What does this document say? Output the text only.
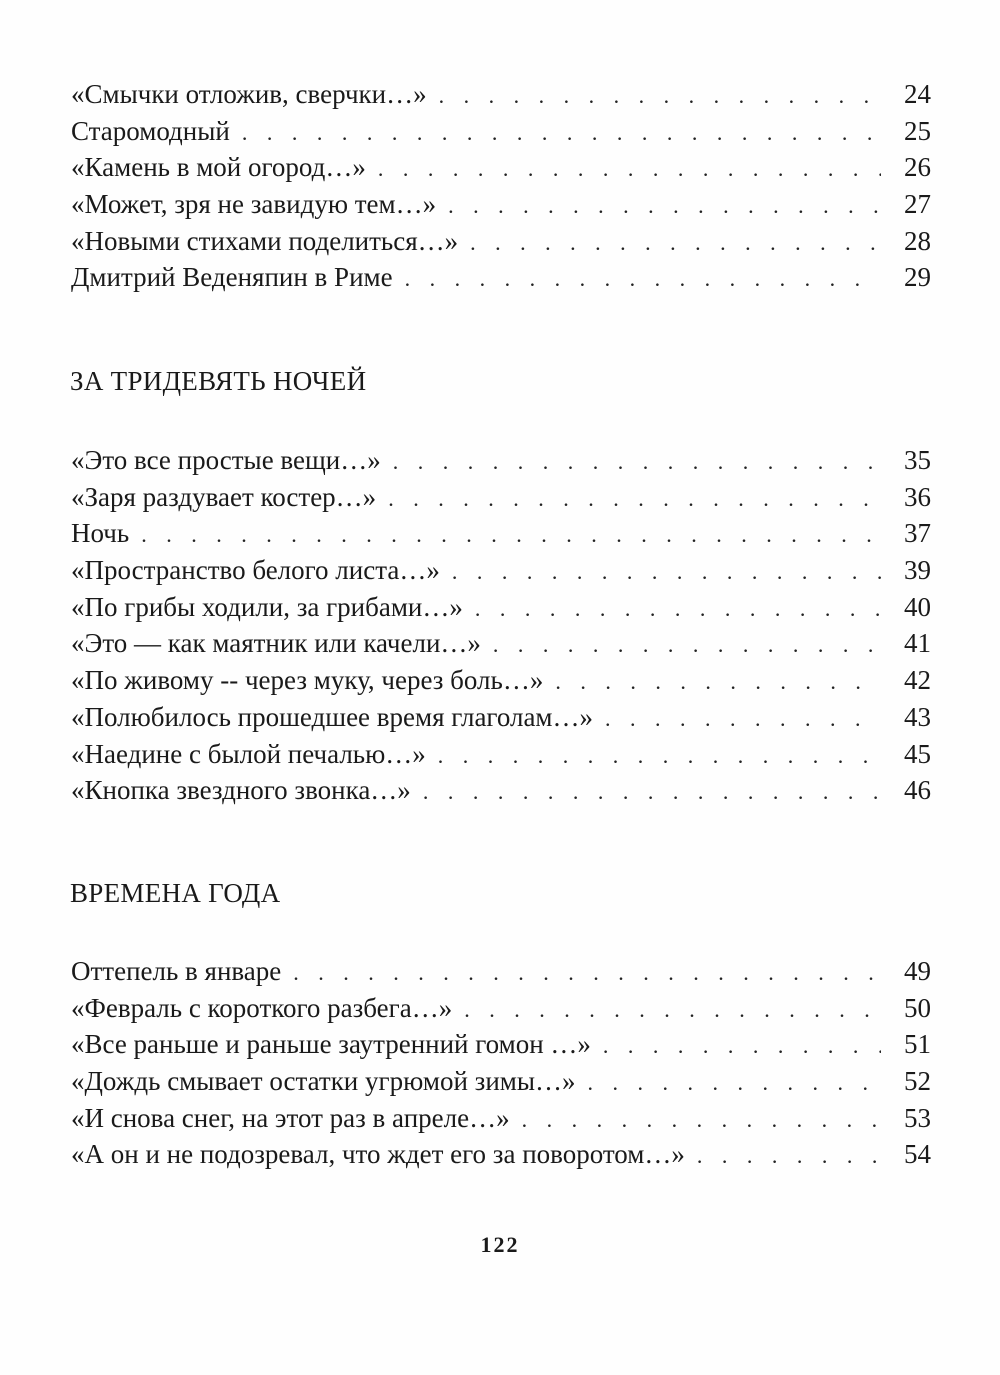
«Смычки отложив, сверчки…» . . .	24
Старомодный . . .	25
«Камень в мой огород…» . . .	26
«Может, зря не завидую тем…» . . .	27
«Новыми стихами поделиться…» . . .	28
Дмитрий Веденяпин в Риме . . .	29
ЗА ТРИДЕВЯТЬ НОЧЕЙ
«Это все простые вещи…» . . .	35
«Заря раздувает костер…» . . .	36
Ночь . . .	37
«Пространство белого листа…» . . .	39
«По грибы ходили, за грибами…» . . .	40
«Это — как маятник или качели…» . . .	41
«По живому -- через муку, через боль…» . . .	42
«Полюбилось прошедшее время глаголам…» . . .	43
«Наедине с былой печалью…» . . .	45
«Кнопка звездного звонка…» . . .	46
ВРЕМЕНА ГОДА
Оттепель в январе . . .	49
«Февраль с короткого разбега…» . . .	50
«Все раньше и раньше заутренний гомон …» . . .	51
«Дождь смывает остатки угрюмой зимы…» . . .	52
«И снова снег, на этот раз в апреле…» . . .	53
«А он и не подозревал, что ждет его за поворотом…» . . .	54
122
